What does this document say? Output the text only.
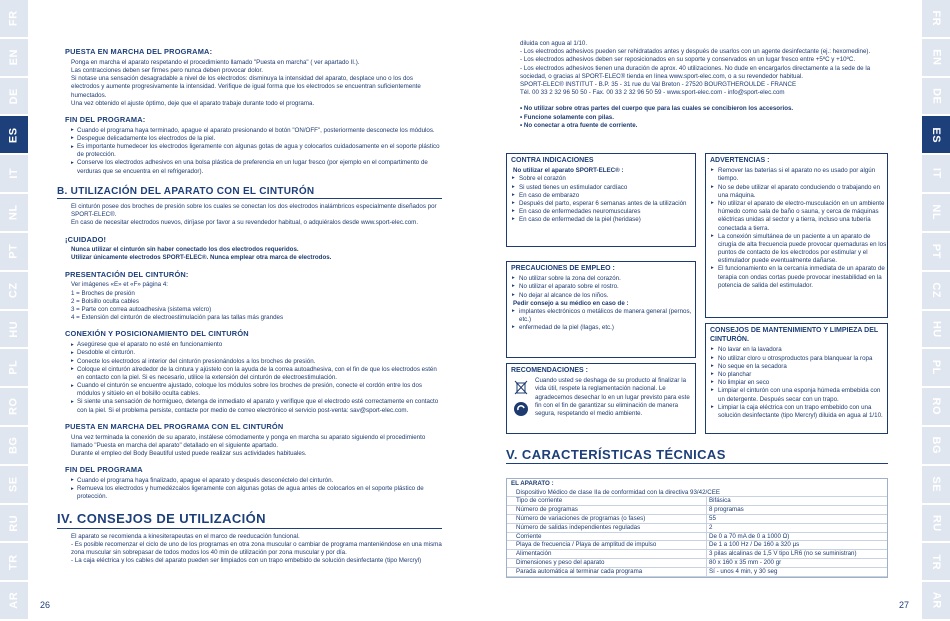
FR
EN
DE
ES
IT
NL
PT
CZ
HU
PL
RO
BG
SE
RU
TR
AR
FR
EN
DE
ES
IT
NL
PT
CZ
HU
PL
RO
BG
SE
RU
TR
AR
PUESTA EN MARCHA DEL PROGRAMA:
Ponga en marcha el aparato respetando el procedimiento llamado "Puesta en marcha" ( ver apartado II.).
Las contracciones deben ser firmes pero nunca deben provocar dolor.
Si notase una sensación desagradable a nivel de los electrodos: disminuya la intensidad del aparato, desplace uno o los dos electrodos y aumente progresivamente la intensidad. Verifique de igual forma que los electrodos se encuentran suficientemente humectados.
Una vez obtenido el ajuste óptimo, deje que el aparato trabaje durante todo el programa.
FIN DEL PROGRAMA:
▸ Cuando el programa haya terminado, apague el aparato presionando el botón "ON/OFF", posteriormente desconecte los módulos.
▸ Despegue delicadamente los electrodos de la piel.
▸ Es importante humedecer los electrodos ligeramente con algunas gotas de agua y colocarlos cuidadosamente en el soporte plástico de protección.
▸ Conserve los electrodos adhesivos en una bolsa plástica de preferencia en un lugar fresco (por ejemplo en el compartimento de verduras que se encuentra en el refrigerador).
B. UTILIZACIÓN DEL APARATO CON EL CINTURÓN
El cinturón posee dos broches de presión sobre los cuales se conectan los dos electrodos inalámbricos especialmente diseñados por SPORT-ELEC®.
En caso de necesitar electrodos nuevos, diríjase por favor a su revendedor habitual, o adquiéralos desde www.sport-elec.com.
¡CUIDADO!
Nunca utilizar el cinturón sin haber conectado los dos electrodos requeridos.
Utilizar únicamente electrodos SPORT-ELEC®. Nunca emplear otra marca de electrodos.
PRESENTACIÓN DEL CINTURÓN:
Ver imágenes «E» et «F» página 4:
1 = Broches de presión
2 = Bolsillo oculta cables
3 = Parte con correa autoadhesiva (sistema velcro)
4 = Extensión del cinturón de electroestimulación para las tallas más grandes
CONEXIÓN Y POSICIONAMIENTO DEL CINTURÓN
▸ Asegúrese que el aparato no esté en funcionamiento
▸ Desdoble el cinturón.
▸ Conecte los electrodos al interior del cinturón presionándolos a los broches de presión.
▸ Coloque el cinturón alrededor de la cintura y ajústelo con la ayuda de la correa autoadhesiva, con el fin de que los electrodos estén en contacto con la piel. Si es necesario, utilice la extensión del cinturón de electroestimulación.
▸ Cuando el cinturón se encuentre ajustado, coloque los módulos sobre los broches de presión, conecte el cordón entre los dos módulos y sitúelo en el bolsillo oculta cables.
▸ Si siente una sensación de hormigueo, detenga de inmediato el aparato y verifique que el electrodo esté correctamente en contacto con la piel. Si el problema persiste, contacte por medio de correo electrónico el servicio post-venta: sav@sport-elec.com.
PUESTA EN MARCHA DEL PROGRAMA CON EL CINTURÓN
Una vez terminada la conexión de su aparato, instálese cómodamente y ponga en marcha su aparato siguiendo el procedimiento llamado "Puesta en marcha del aparato" detallado en el siguiente apartado.
Durante el empleo del Body Beautiful usted puede realizar sus actividades habituales.
FIN DEL PROGRAMA
▸ Cuando el programa haya finalizado, apague el aparato y después desconéctelo del cinturón.
▸ Remueva los electrodos y humedézcalos ligeramente con algunas gotas de agua antes de colocarlos en el soporte plástico de protección.
IV. CONSEJOS DE UTILIZACIÓN
El aparato se recomienda a kinesiterapeutas en el marco de reeducación funcional.
- Es posible recomenzar el ciclo de uno de los programas en otra zona muscular o cambiar de programa manteniéndose en una misma zona muscular sin sobrepasar de todos modos los 40 min de utilización por zona muscular y por día.
- La caja eléctrica y los cables del aparato pueden ser limpiados con un trapo embebido de solución desinfectante (tipo Mercryl)
diluida con agua al 1/10.
- Los electrodos adhesivos pueden ser rehidratados antes y después de usarlos con un agente desinfectante (ej.: hexomedine).
- Los electrodos adhesivos deben ser reposicionados en su soporte y conservados en un lugar fresco entre +5ºC y +10ºC.
- Los electrodos adhesivos tienen una duración de aprox. 40 utilizaciones. No dude en encargarlos directamente a la sede de la sociedad, o gracias al SPORT-ELEC® tienda en línea www.sport-elec.com, o a su revendedor habitual.
SPORT-ELEC® INSTITUT - B.P. 35 - 31 rue du Val Breton - 27520 BOURGTHEROULDE - FRANCE
Tél. 00 33 2 32 96 50 50 - Fax. 00 33 2 32 96 50 59 - www.sport-elec.com - info@sport-elec.com
• No utilizar sobre otras partes del cuerpo que para las cuales se concibieron los accesorios.
• Funcione solamente con pilas.
• No conectar a otra fuente de corriente.
CONTRA INDICACIONES
No utilizar el aparato SPORT-ELEC® :
▸ Sobre el corazón
▸ Si usted tienes un estimulador cardíaco
▸ En caso de embarazo
▸ Después del parto, esperar 6 semanas antes de la utilización
▸ En caso de enfermedades neuromusculares
▸ En caso de enfermedad de la piel (heridase)
PRECAUCIONES DE EMPLEO :
▸ No utilizar sobre la zona del corazón.
▸ No utilizar el aparato sobre el rostro.
▸ No dejar al alcance de los niños.
Pedir consejo a su médico en caso de :
▸ implantes electrónicos o metálicos de manera general (pernos, etc.)
▸ enfermedad de la piel (llagas, etc.)
RECOMENDACIONES :
Cuando usted se deshaga de su producto al finalizar la vida útil, respete la reglamentación nacional. Le agradecemos desechar lo en un lugar previsto para este fin con el fin de garantizar su eliminación de manera segura, respetando el medio ambiente.
ADVERTENCIAS :
▸ Remover las baterías si el aparato no es usado por algún tiempo.
▸ No se debe utilizar el aparato conduciendo o trabajando en una máquina.
▸ No utilizar el aparato de electro-musculación en un ambiente húmedo como sala de baño o sauna, y cerca de máquinas eléctricas unidas al sector y a tierra, incluso una tubería conectada a tierra.
▸ La conexión simultánea de un paciente a un aparato de cirugía de alta frecuencia puede provocar quemaduras en los puntos de contacto de los electrodos por estimular y el estimulador puede eventualmente dañarse.
▸ El funcionamiento en la cercanía inmediata de un aparato de terapia con ondas cortas puede provocar inestabilidad en la potencia de salida del estimulador.
CONSEJOS DE MANTENIMIENTO Y LIMPIEZA DEL CINTURÓN.
▸ No lavar en la lavadora
▸ No utilizar cloro u otrosproductos para blanquear la ropa
▸ No seque en la secadora
▸ No planchar
▸ No limpiar en seco
▸ Limpiar el cinturón con una esponja húmeda embebida con un detergente. Después secar con un trapo.
▸ Limpiar la caja eléctrica con un trapo embebido con una solución desinfectante (tipo Mercryl) diluida en agua al 1/10.
V. CARACTERÍSTICAS TÉCNICAS
EL APARATO :
Dispositivo Médico de clase IIa de conformidad con la directiva 93/42/CEE
Tipo de corriente	Bifásica
Número de programas	8 programas
Número de variaciones de programas (o fases)	55
Número de salidas independientes reguladas	2
Corriente	De 0 a 70 mA de 0 a 1000 Ω)
Playa de frecuencia / Playa de amplitud de impulso	De 1 a 100 Hz / De 160 a 320 µs
Alimentación	3 pilas alcalinas de 1,5 V tipo LR6 (no se suministran)
Dimensiones y peso del aparato	80 x 160 x 35 mm - 200 gr
Parada automática al terminar cada programa	Sí - unos 4 min, y 30 seg
26	27
